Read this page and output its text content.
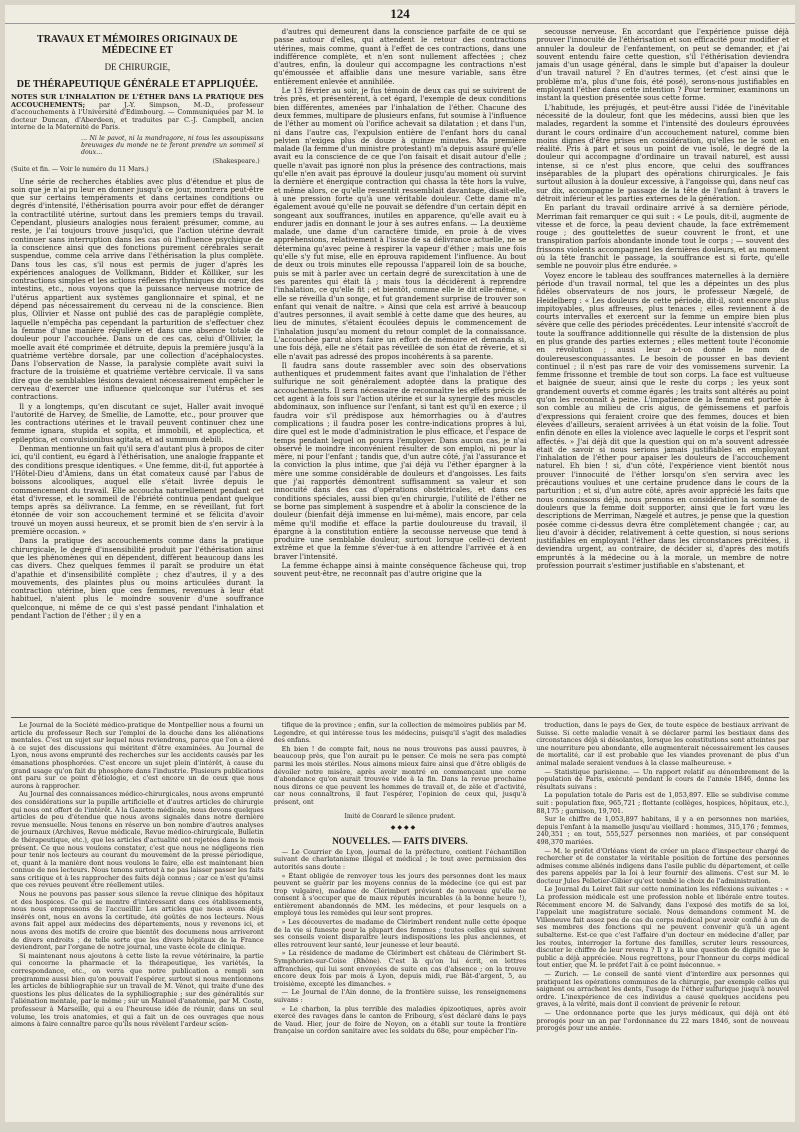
124
TRAVAUX ET MÉMOIRES ORIGINAUX DE MÉDECINE ET
DE CHIRURGIE,
DE THÉRAPEUTIQUE GÉNÉRALE ET APPLIQUÉE.

NOTES SUR L'INHALATION DE L'ÉTHER DANS LA PRATIQUE DES ACCOUCHEMENTS; par J.-Y. Simpson, M.-D., professeur d'accouchements à l'Université d'Edimbourg. — Communiquées par M. le docteur Duncan, d'Aberdeen, et traduites par C.-J. Campbell, ancien interne de la Maternité de Paris.

… Ni le pavot, ni la mandragore, ni tous les assoupissans breuvages du monde ne te feront prendre un sommeil si doux…

(Shakespeare.)

(Suite et fin. — Voir le numéro du 11 Mars.)

Une série de recherches établies avec plus d'étendue et plus de soin que je n'ai pu leur en donner jusqu'à ce jour, montrera peut-être que sur certains tempéraments et dans certaines conditions ou degrés d'intensité, l'éthérisation pourra avoir pour effet de déranger la contractilité utérine, surtout dans les premiers temps du travail. Cependant, plusieurs analogies nous feraient présumer, comme, au reste, je l'ai toujours trouvé jusqu'ici, que l'action utérine devrait continuer sans interruption dans les cas où l'influence psychique de la conscience ainsi que des fonctions purement cérébrales serait suspendue, comme cela arrive dans l'éthérisation la plus complète. Dans tous les cas, s'il nous est permis de juger d'après les expériences analogues de Vollkmann, Bidder et Kölliker, sur les contractions simples et les actions réflexes rhythmiques du cœur, des intestins, etc., nous voyons que la puissance nerveuse motrice de l'utérus appartient aux systèmes ganglionnaire et spinal, et ne dépend pas nécessairement du cerveau ni de la conscience. Bien plus, Ollivier et Nasse ont publié des cas de paraplégie complète, laquelle n'empêcha pas cependant la parturition de s'effectuer chez la femme d'une manière régulière et dans une absence totale de douleur pour l'accouchée. Dans un de ces cas, celui d'Ollivier, la moelle avait été comprimée et détruite, depuis la première jusqu'à la quatrième vertèbre dorsale, par une collection d'acéphalocystes. Dans l'observation de Nasse, la paralysie complète avait suivi la fracture de la troisième et quatrième vertèbre cervicale. Il va sans dire que de semblables lésions devaient nécessairement empêcher le cerveau d'exercer une influence quelconque sur l'utérus et ses contractions.

Il y a longtemps, qu'en discutant ce sujet, Haller avait invoqué l'autorité de Harvey, de Smellie, de Lamotte, etc., pour prouver que les contractions utérines et le travail peuvent continuer chez une femme ignara, stupida et sopita, et immobili, et apoplectica, et epileptica, et convulsionibus agitata, et ad summum debili.

Denman mentionne un fait qu'il sera d'autant plus à propos de citer ici, qu'il contient, eu égard à l'éthérisation, une analogie frappante et des conditions presque identiques. « Une femme, dit-il, fut apportée à l'Hôtel-Dieu d'Amiens, dans un état comateux causé par l'abus de boissons alcooliques, auquel elle s'était livrée depuis le commencement du travail. Elle accoucha naturellement pendant cet état d'ivresse, et le sommeil de l'ébriété continua pendant quelque temps après sa délivrance. La femme, en se réveillant, fut fort étonnée de voir son accouchement terminé et se félicita d'avoir trouvé un moyen aussi heureux, et se promit bien de s'en servir à la première occasion. »

Dans la pratique des accouchements comme dans la pratique chirurgicale, le degré d'insensibilité produit par l'éthérisation ainsi que les phénomènes qui en dépendent, diffèrent beaucoup dans les cas divers. Chez quelques femmes il paraît se produire un état d'apathie et d'insensibilité complète ; chez d'autres, il y a des mouvements, des plaintes plus ou moins articulées durant la contraction utérine, bien que ces femmes, revenues à leur état habituel, n'aient plus le moindre souvenir d'une souffrance quelconque, ni même de ce qui s'est passé pendant l'inhalation et pendant l'action de l'éther ; il y en a

d'autres qui demeurent dans la conscience parfaite de ce qui se passe autour d'elles, qui attendent le retour des contractions utérines, mais comme, quant à l'effet de ces contractions, dans une indifférence complète, et n'en sont nullement affectées ; chez d'autres, enfin, la douleur qui accompagne les contractions n'est qu'émoussée et affaiblie dans une mesure variable, sans être entièrement enlevée et annihilée.

Le 13 février au soir, je fus témoin de deux cas qui se suivirent de très près, et présentèrent, à cet égard, l'exemple de deux conditions bien différentes, amenées par l'inhalation de l'éther. Chacune des deux femmes, multipare de plusieurs enfans, fut soumise à l'influence de l'éther au moment où l'orifice achevait sa dilatation ; et dans l'un, ni dans l'autre cas, l'expulsion entière de l'enfant hors du canal pelvien n'exigea plus de douze à quinze minutes. Ma première malade (la femme d'un ministre protestant) m'a depuis assuré qu'elle avait eu la conscience de ce que l'on faisait et disait autour d'elle ; quelle n'avait pas ignoré non plus la présence des contractions, mais qu'elle n'en avait pas éprouvé la douleur jusqu'au moment où survint la dernière et énergique contraction qui chassa la tête hors la vulve, et même alors, ce qu'elle ressentit ressemblait davantage, disait-elle, à une pression forte qu'à une véritable douleur. Cette dame m'a également avoué qu'elle ne pouvait se défendre d'un certain dépit en songeant aux souffrances, inutiles en apparence, qu'elle avait eu à endurer jadis en donnant le jour à ses autres enfans. — La deuxième malade, une dame d'un caractère timide, en proie à de vives appréhensions, relativement à l'issue de sa délivrance actuelle, ne se détermina qu'avec peine à respirer la vapeur d'éther ; mais une fois qu'elle s'y fut mise, elle en éprouva rapidement l'influence. Au bout de deux ou trois minutes elle repoussa l'appareil loin de sa bouche, puis se mit à parler avec un certain degré de surexcitation à une de ses parentes qui était là ; mais tous la décidèrent à reprendre l'inhalation, ce qu'elle fit ; et bientôt, comme elle le dit elle-même, « elle se réveilla d'un songe, et fut grandement surprise de trouver son enfant qui venait de naître. » Ainsi que cela est arrivé à beaucoup d'autres personnes, il avait semblé à cette dame que des heures, au lieu de minutes, s'étaient écoulées depuis le commencement de l'inhalation jusqu'au moment du retour complet de la connaissance. L'accouchée parut alors faire un effort de mémoire et demanda si, une fois déjà, elle ne s'était pas réveillée de son état de rêverie, et si elle n'avait pas adressé des propos incohérents à sa parente.

Il faudra sans doute rassembler avec soin des observations authentiques et prudemment faites avant que l'inhalation de l'éther sulfurique ne soit généralement adoptée dans la pratique des accouchements. Il sera nécessaire de reconnaître les effets précis de cet agent à la fois sur l'action utérine et sur la synergie des muscles abdominaux, son influence sur l'enfant, si tant est qu'il en exerce ; il faudra voir s'il prédispose aux hémorrhagies ou à d'autres complications ; il faudra poser les contre-indications propres à lui, dire quel est le mode d'administration le plus efficace, et l'espace de temps pendant lequel on pourra l'employer. Dans aucun cas, je n'ai observé le moindre inconvénient résulter de son emploi, ni pour la mère, ni pour l'enfant ; tandis que, d'un autre côté, j'ai l'assurance et la conviction la plus intime, que j'ai déjà vu l'éther épargner à la mère une somme considérable de douleurs et d'angoisses. Les faits que j'ai rapportés démontrent suffisamment sa valeur et son innocuité dans des cas d'opérations obstétricales, et dans ces conditions spéciales, aussi bien qu'en chirurgie, l'utilité de l'éther ne se borne pas simplement à suspendre et à abolir la conscience de la douleur (bienfait déjà immense en lui-même), mais encore, par cela même qu'il modifie et efface la partie douloureuse du travail, il épargne à la constitution entière la secousse nerveuse que tend à produire une semblable douleur, surtout lorsque celle-ci devient extrême et que la femme s'éver-tue à en attendre l'arrivée et à en braver l'intensité.

La femme échappe ainsi à mainte conséquence fâcheuse qui, trop souvent peut-être, ne reconnaît pas d'autre origine que la

secousse nerveuse. En accordant que l'expérience puisse déjà prouver l'innocuité de l'éthérisation et son efficacité pour modifier et annuler la douleur de l'enfantement, on peut se demander, et j'ai souvent entendu faire cette question, s'il l'éthérisation deviendra jamais d'un usage général, dans le simple but d'apaiser la douleur d'un travail naturel ? En d'autres termes, (et c'est ainsi que le problème m'a, plus d'une fois, été posé), serons-nous justifiables en employant l'éther dans cette intention ? Pour terminer, examinons un instant la question présentée sous cette forme.

L'habitude, les préjugés, et peut-être aussi l'idée de l'inévitable nécessité de la douleur, font que les médecins, aussi bien que les malades, regardent la somme et l'intensité des douleurs éprouvées durant le cours ordinaire d'un accouchement naturel, comme bien moins dignes d'être prises en considération, qu'elles ne le sont en réalité. Pris à part et sous un point de vue isolé, le degré de la douleur qui accompagne d'ordinaire un travail naturel, est aussi intense, si ce n'est plus encore, que celui des souffrances inséparables de la plupart des opérations chirurgicales. Je fais surtout allusion à la douleur excessive, à l'angoisse qui, dans neuf cas sur dix, accompagne le passage de la tête de l'enfant à travers le détroit inférieur et les parties externes de la génération.

En parlant du travail ordinaire arrivé à sa dernière période, Merriman fait remarquer ce qui suit : « Le pouls, dit-il, augmente de vitesse et de force, la peau devient chaude, la face extrêmement rouge ; des gouttelettes de sueur couvrent le front, et une transpiration parfois abondante inonde tout le corps ; — souvent des frissons violents accompagnent les dernières douleurs, et au moment où la tête franchit le passage, la souffrance est si forte, qu'elle semble ne pouvoir plus être endurée. »

Voyez encore le tableau des souffrances maternelles à la dernière période d'un travail normal, tel que les a dépeintes un des plus fidèles observateurs de nos jours, le professeur Nægelé, de Heidelberg : « Les douleurs de cette période, dit-il, sont encore plus impitoyables, plus affreuses, plus tenaces ; elles reviennent à de courts intervalles et exercent sur la femme un empire bien plus sévère que celle des périodes précédentes. Leur intensité s'accroît de toute la souffrance additionnelle qui résulte de la distension de plus en plus grande des parties externes ; elles mettent toute l'économie en révolution ; aussi leur a-t-on donné le nom de doulereusesconquassantes. Le besoin de pousser en bas devient continuel ; il n'est pas rare de voir des vomissemens survenir. La femme frissonne et tremble de tout son corps. La face est vultueuse et baignée de sueur, ainsi que le reste du corps ; les yeux sont grandement ouverts et comme égarés ; les traits sont altérés au point qu'on les reconnaît à peine. L'impatience de la femme est portée à son comble au milieu de cris aigus, de gémissemens et parfois d'expressions qui feraient croire que des femmes, douces et bien élevées d'ailleurs, seraient arrivées à un état voisin de la folie. Tout enfin dénote en elles la violence avec laquelle le corps et l'esprit sont affectés. » J'ai déjà dit que la question qui on m'a souvent adressée était de savoir si nous serions jamais justifiables en employant l'inhalation de l'éther pour apaiser les douleurs de l'accouchement naturel. Eh bien ! si, d'un côté, l'expérience vient bientôt nous prouver l'innocuité de l'éther lorsqu'on s'en servira avec les précautions voulues et une certaine prudence dans le cours de la parturition ; et si, d'un autre côté, après avoir apprécié les faits que nous connaissons déjà, nous prenons en considération la somme de douleurs que la femme doit supporter, ainsi que le fort vœu les descriptions de Merriman, Nægelé et autres, je pense que la question posée comme ci-dessus devra être complètement changée ; car, au lieu d'avoir à décider, relativement à cette question, si nous serions justifiables en employant l'éther dans les circonstances précitées, il deviendra urgent, au contraire, de décider si, d'après des motifs empruntés à la médecine ou à la morale, un membre de notre profession pourrait s'estimer justifiable en s'abstenant, et

Le Journal de la Société médico-pratique de Montpellier nous a fourni un article du professeur Rech sur l'emploi de la douche dans les aliénations mentales. C'est un sujet sur lequel nous reviendrons, parce que l'on a élevé à ce sujet des discussions qui méritent d'être examinées. Au Journal de Lyon, nous avons emprunté des recherches sur les accidents causés par les émanations phosphorées. C'est encore un sujet plein d'intérêt, à cause du grand usage qu'on fait du phosphore dans l'industrie. Plusieurs publications ont paru sur ce point d'étiologie, et c'est encore un de ceux que nous aurons à rapprocher.

Au Journal des connaissances médico-chirurgicales, nous avons emprunté des considérations sur la pupille artificielle et d'autres articles de chirurgie qui nous ont offert de l'intérêt. A la Gazette médicale, nous devons quelques articles de peu d'étendue que nous avons signalés dans notre dernière revue mensuelle. Nous tenons en réserve un bon nombre d'autres analyses de journaux (Archives, Revue médicale, Revue médico-chirurgicale, Bulletin de thérapeutique, etc.), que les articles d'actualité ont rejetées dans le mois présent. Ce que nous voulons constater, c'est que nous ne négligeons rien pour tenir nos lecteurs au courant du mouvement de la presse périodique, et, quant à la manière dont nous voulons le faire, elle est maintenant bien connue de nos lecteurs. Nous tenons surtout à ne pas laisser passer les faits sans critique et à les rapprocher des faits déjà connus ; car ce n'est qu'ainsi que ces revues peuvent être réellement utiles.

Nous ne pouvons pas passer sous silence la revue clinique des hôpitaux et des hospices. Ce qui se montre d'intéressant dans ces établissements, nous nous empressons de l'accueillir. Les articles que nous avons déjà insérés ont, nous en avons la certitude, été goûtés de nos lecteurs. Nous avons fait appel aux médecins des départements, nous y revenons ici, et nous avons des motifs de croire que bientôt des documens nous arriveront de divers endroits ; de telle sorte que les divers hôpitaux de la France deviendront, par l'organe de notre journal, une vaste école de clinique.

Si maintenant nous ajoutons à cette liste la revue vétérinaire, la partie qui concerne la pharmacie et la thérapeutique, les variétés, la correspondance, etc., on verra que notre publication a rempli son programme aussi bien qu'on pouvait l'espérer, surtout si nous mentionnons les articles de bibliographie sur un travail de M. Vénot, qui traite d'une des questions les plus délicates de la syphiliographie ; sur des généralités sur l'aliénation mentale, par le même ; sur un Manuel d'anatomie, par M. Coste, professeur à Marseille, qui a eu l'heureuse idée de réunir, dans un seul volume, les trois anatomies, et qui a fait un de ces ouvrages que nous aimons à faire connaître parce qu'ils nous révèlent l'ardeur scien-

tifique de la province ; enfin, sur la collection de mémoires publiés par M. Legendre, et qui intéresse tous les médecins, puisqu'il s'agit des maladies des enfans.

Eh bien ! de compte fait, nous ne nous trouvons pas aussi pauvres, à beaucoup près, que l'on aurait pu le penser. Ce mois ne sera pas compté parmi les mois stériles. Nous aimons mieux faire ainsi que d'être obligés de dévoiler notre misère, après avoir montré en commençant une corne d'abondance qu'on aurait trouvée vide à la fin. Dans la revue prochaine nous dirons ce que peuvent les hommes de travail et, de zèle et d'activité, car nous connaîtrons, il faut l'espérer, l'opinion de ceux qui, jusqu'à présent, ont

Imité de Conrard le silence prudent.

◆◆◆◆

NOUVELLES. — FAITS DIVERS.

— Le Courrier de Lyon, journal de la préfecture, contient l'échantillon suivant de charlatanisme illégal et médical ; le tout avec permission des autorités sans doute :

« Étant obligée de renvoyer tous les jours des personnes dont les maux peuvent se guérir par les moyens connus de la médecine (ce qui est par trop vulgaire), madame de Clérimbert prévient de nouveau qu'elle ne consent à s'occuper que de maux réputés incurables (à la bonne heure !), entièrement abandonnés de MM. les médecins, et pour lesquels on a employé tous les remèdes qui leur sont propres.

» Les découvertes de madame de Clérimbert rendent nulle cette époque de la vie si funeste pour la plupart des femmes ; toutes celles qui suivent ses conseils voient disparaître leurs indispositions les plus anciennes, et elles retrouvent leur santé, leur jeunesse et leur beauté.

» La résidence de madame de Clérimbert est château de Clérimbert St-Symphorien-sur-Coise (Rhône). C'est là qu'on lui écrit, en lettres affranchies, qui lui sont envoyées de suite en cas d'absence ; on la trouve encore deux fois par mois à Lyon, depuis midi, rue Bât-d'argent, 5, au troisième, excepté les dimanches. »

— Le Journal de l'Ain donne, de la frontière suisse, les renseignemens suivans :

« Le charbon, la plus terrible des maladies épizootiques, après avoir exercé des ravages dans le canton de Fribourg, s'est déclaré dans le pays de Vaud. Hier, jour de foire de Noyon, on a établi sur toute la frontière française un cordon sanitaire avec les soldats du 68e, pour empêcher l'in-

troduction, dans le pays de Gex, de toute espèce de bestiaux arrivant de Suisse. Si cette maladie venait à se déclarer parmi les bestiaux dans des circonstances déjà si désolantes, lorsque les constitutions sont atteintes par une nourriture peu abondante, elle augmenterait nécessairement les causes de mortalité, car il est probable que les viandes provenant de plus d'un animal malade seraient vendues à la classe malheureuse. »

— Statistique parisienne. — Un rapport relatif au dénombrement de la population de Paris, exécuté pendant le cours de l'année 1846, donne les résultats suivans :

La population totale de Paris est de 1,053,897. Elle se subdivise comme suit : population fixe, 965,721 ; flottante (collèges, hospices, hôpitaux, etc.), 88,175 ; garnison, 19,701.

Sur le chiffre de 1,053,897 habitans, il y a en personnes non mariées, depuis l'enfant à la mamelle jusqu'au vieillard : hommes, 315,176 ; femmes, 240,351 ; en tout, 555,527 personnes non mariées, et par conséquent 498,370 mariées.

— M. le préfet d'Orléans vient de créer un place d'inspecteur chargé de rechercher et de constater la véritable position de fortune des personnes admises comme aliénés indigens dans l'asile public du département, et celle des parens appelés par la loi à leur fournir des alimens. C'est sur M. le docteur Jules Pelletier-Gibier qu'est tombé le choix de l'administration.

Le Journal du Loiret fait sur cette nomination les réflexions suivantes : « La profession médicale est une profession noble et libérale entre toutes. Récemment encore M. de Salvandy, dans l'exposé des motifs de sa loi, l'appelait une magistrature sociale. Nous demandons comment M. de Villeneuve fait assez peu de cas du corps médical pour avoir confié à un de ses membres des fonctions qui ne peuvent convenir qu'à un agent subalterne. Est-ce que c'est l'affaire d'un docteur en médecine d'aller, par les routes, interroger la fortune des familles, scruter leurs ressources, discuter le chiffre de leur revenu ? Il y a là une question de dignité que le public a déjà appréciée. Nous regrettons, pour l'honneur du corps médical tout entier, que M. le préfet l'ait à ce point méconnue. »

— Zurich. — Le conseil de santé vient d'interdire aux personnes qui pratiquent les opérations communes de la chirurgie, par exemple celles qui saignent ou arrachent les dents, l'usage de l'éther sulfurique jusqu'à nouvel ordre. L'inexpérience de ces individus a causé quelques accidens peu graves, à la vérité, mais dont il convient de prévenir le retour.

— Une ordonnance porte que les jurys médicaux, qui déjà ont été prorogés pour un an par l'ordonnance du 22 mars 1846, sont de nouveau prorogés pour une année.
